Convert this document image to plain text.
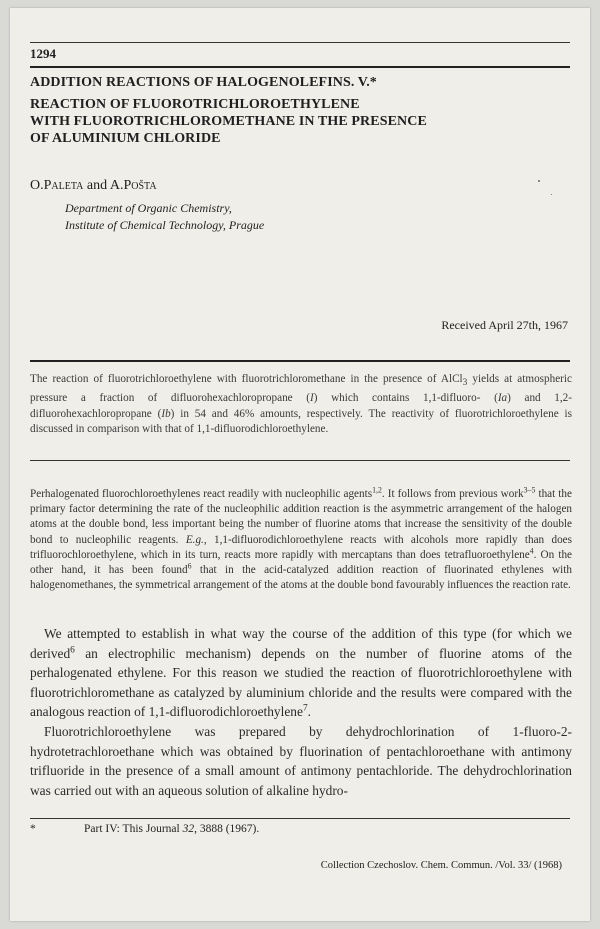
1294
ADDITION REACTIONS OF HALOGENOLEFINS. V.*
REACTION OF FLUOROTRICHLOROETHYLENE
WITH FLUOROTRICHLOROMETHANE IN THE PRESENCE
OF ALUMINIUM CHLORIDE
O.Paleta and A.Pošta
Department of Organic Chemistry,
Institute of Chemical Technology, Prague
Received April 27th, 1967

The reaction of fluorotrichloroethylene with fluorotrichloromethane in the presence of AlCl$_3$ yields at atmospheric pressure a fraction of difluorohexachloropropane (I) which contains 1,1-difluoro- (Ia) and 1,2-difluorohexachloropropane (Ib) in 54 and 46% amounts, respectively. The reactivity of fluorotrichloroethylene is discussed in comparison with that of 1,1-difluorodichloroethylene.

Perhalogenated fluorochloroethylenes react readily with nucleophilic agents$^{1,2}$. It follows from previous work$^{3-5}$ that the primary factor determining the rate of the nucleophilic addition reaction is the asymmetric arrangement of the halogen atoms at the double bond, less important being the number of fluorine atoms that increase the sensitivity of the double bond to nucleophilic reagents. E.g., 1,1-difluorodichloroethylene reacts with alcohols more rapidly than does trifluorochloroethylene, which in its turn, reacts more rapidly with mercaptans than does tetrafluoroethylene$^4$. On the other hand, it has been found$^6$ that in the acid-catalyzed addition reaction of fluorinated ethylenes with halogenomethanes, the symmetrical arrangement of the atoms at the double bond favourably influences the reaction rate.

We attempted to establish in what way the course of the addition of this type (for which we derived$^6$ an electrophilic mechanism) depends on the number of fluorine atoms of the perhalogenated ethylene. For this reason we studied the reaction of fluorotrichloroethylene with fluorotrichloromethane as catalyzed by aluminium chloride and the results were compared with the analogous reaction of 1,1-difluorodichloroethylene$^7$.

Fluorotrichloroethylene was prepared by dehydrochlorination of 1-fluoro-2-hydrotetrachloroethane which was obtained by fluorination of pentachloroethane with antimony trifluoride in the presence of a small amount of antimony pentachloride. The dehydrochlorination was carried out with an aqueous solution of alkaline hydro-

*	Part IV: This Journal 32, 3888 (1967).
Collection Czechoslov. Chem. Commun. /Vol. 33/ (1968)
